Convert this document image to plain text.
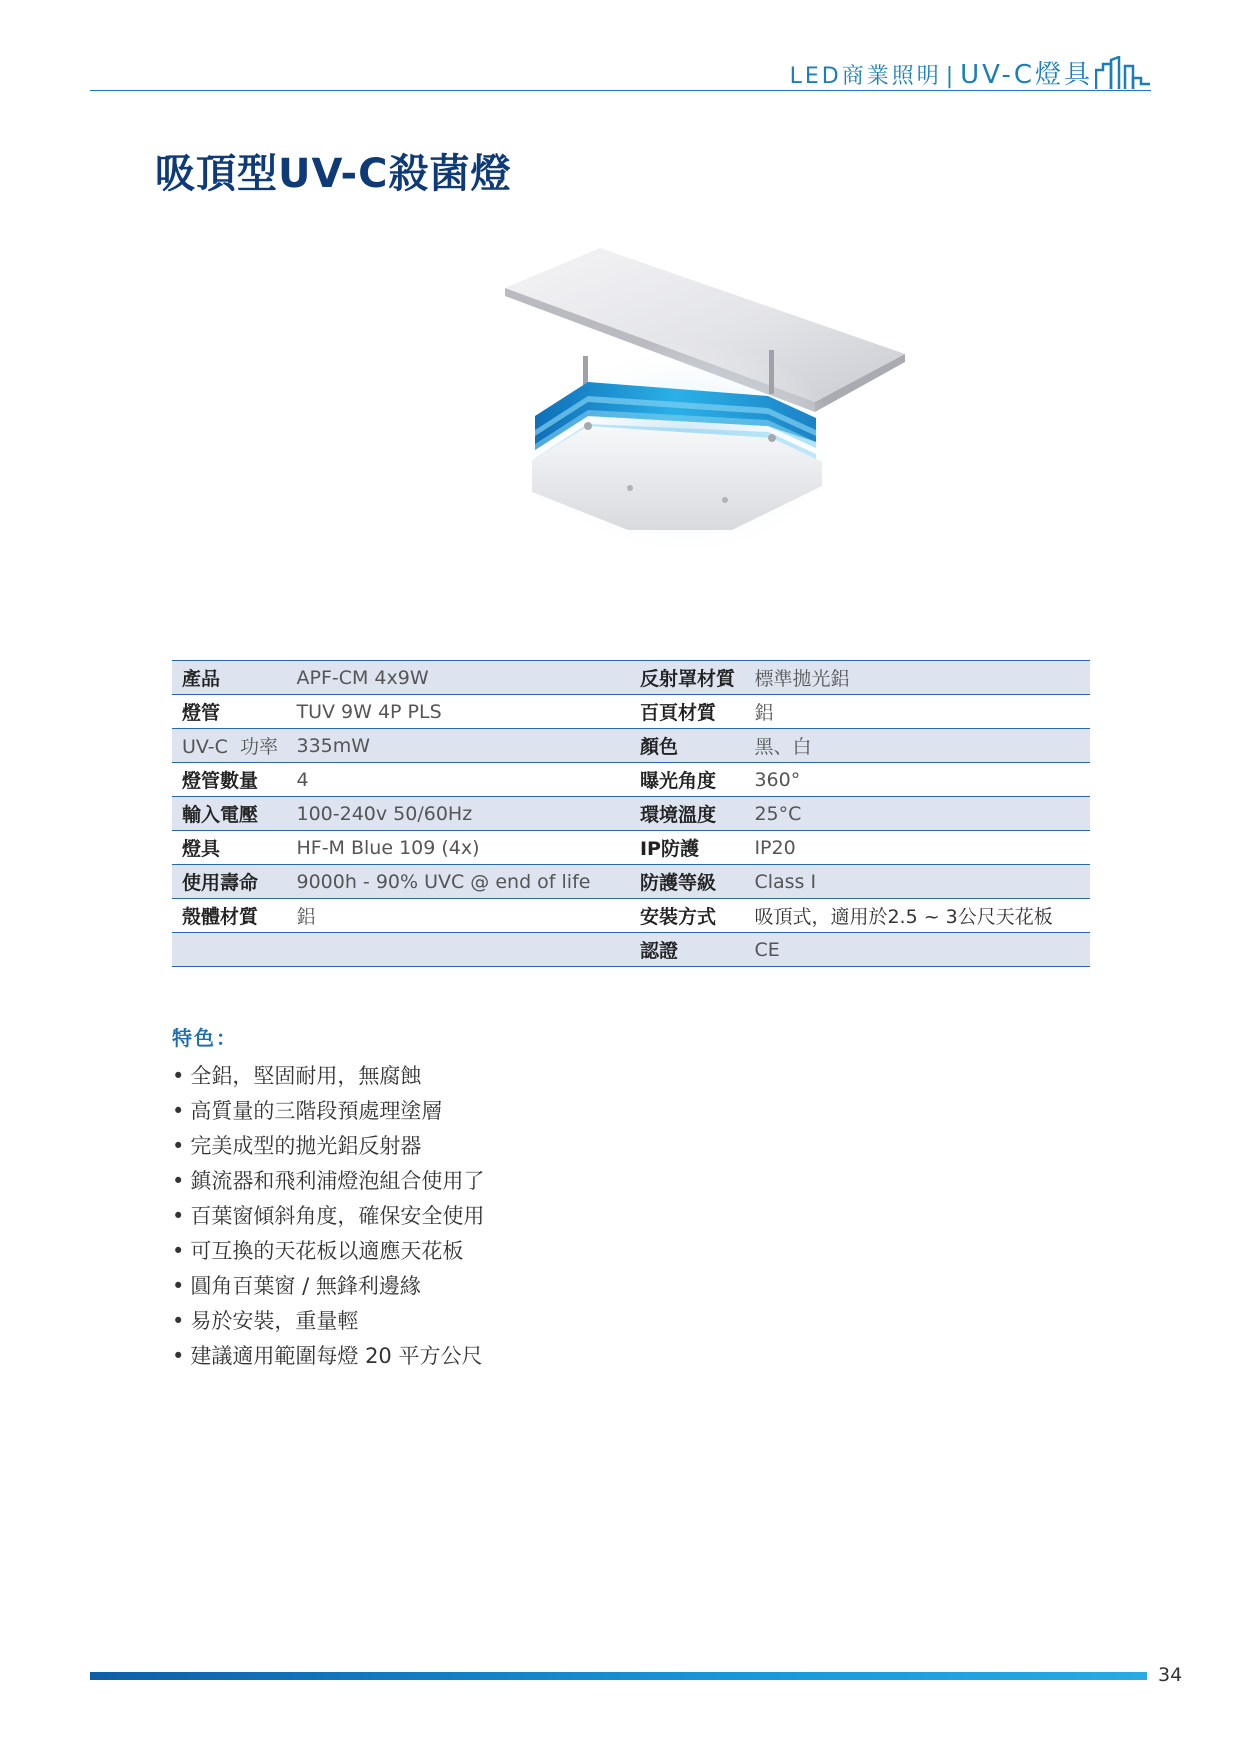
LED商業照明 | UV-C燈具
吸頂型UV-C殺菌燈
產品	APF-CM 4x9W	反射罩材質	標準拋光鋁
燈管	TUV 9W 4P PLS	百頁材質	鋁
UV-C  功率	335mW	顏色	黑、白
燈管數量	4	曝光角度	360°
輸入電壓	100-240v 50/60Hz	環境溫度	25°C
燈具	HF-M Blue 109 (4x)	IP防護	IP20
使用壽命	9000h - 90% UVC @ end of life	防護等級	Class I
殼體材質	鋁	安裝方式	吸頂式，適用於2.5 ~ 3公尺天花板
		認證	CE
特色：
• 全鋁，堅固耐用，無腐蝕
• 高質量的三階段預處理塗層
• 完美成型的拋光鋁反射器
• 鎮流器和飛利浦燈泡組合使用了
• 百葉窗傾斜角度，確保安全使用
• 可互換的天花板以適應天花板
• 圓角百葉窗 / 無鋒利邊緣
• 易於安裝，重量輕
• 建議適用範圍每燈 20 平方公尺
34
